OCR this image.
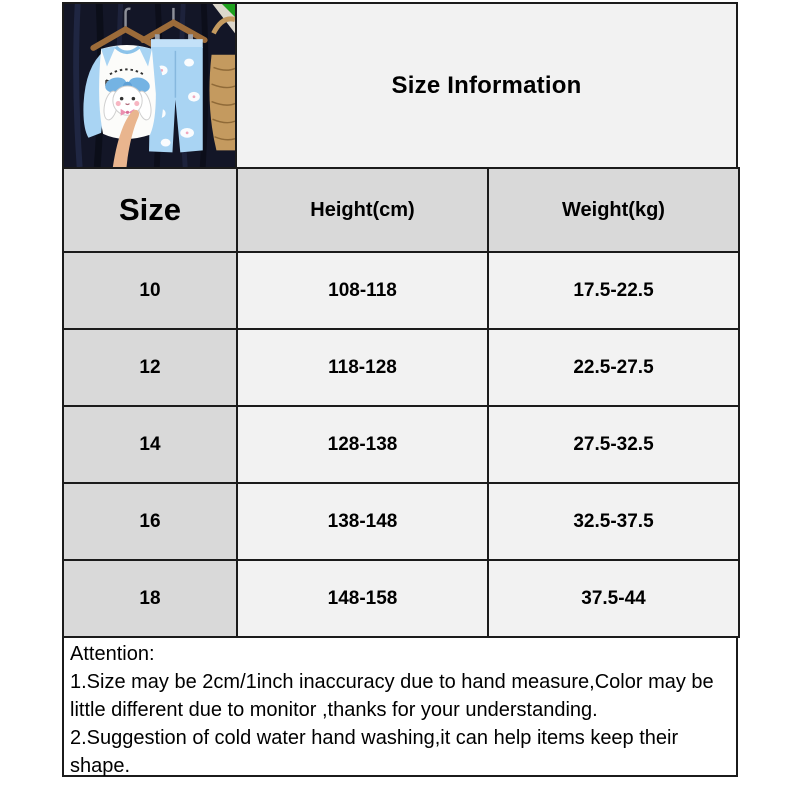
Size Information
Size	Height(cm)	Weight(kg)
10	108-118	17.5-22.5
12	118-128	22.5-27.5
14	128-138	27.5-32.5
16	138-148	32.5-37.5
18	148-158	37.5-44

Attention:

1.Size may be 2cm/1inch inaccuracy due to hand measure,Color may be little different due to monitor ,thanks for your understanding.

2.Suggestion of cold water hand washing,it can help items keep their shape.
